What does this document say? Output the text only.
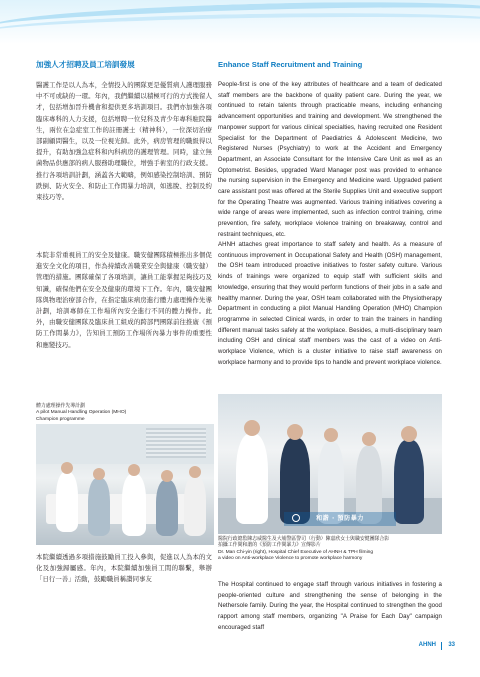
加強人才招聘及員工培訓發展

醫護工作是以人為本，全情投入的團隊更是優質病人護理服務中不可或缺的一環。年內，我們繼續以積極可行的方式挽留人才，包括增加晉升機會和提供更多培訓項目。我們亦加強各項臨床專科的人力支援，包括增聘一位兒科及青少年專科駐院醫生，兩位在急症室工作的註冊護士（精神科），一位深切治療部副顧問醫生，以及一位視光師。此外，病房管理的職級得以提升，有助加強急症科和內科病房的護理管理。同時，建立無菌物品供應部的病人服務助理職位，增強手術室的行政支援。推行各項培訓計劃，涵蓋各大範疇，例如感染控制培訓、預防跌倒、防火安全、和防止工作間暴力培訓，如逃脫、控制及約束技巧等。

本院非常重視員工的安全及健康。職安健團隊積極推出多個促進安全文化的項目，作為持續改善職業安全與健康（職安健）管理的措施。團隊確保了各項培訓，讓員工能掌握足夠技巧及知識，確保他們在安全及健康的環境下工作。年內，職安健團隊與物理治療部合作，在指定臨床病房進行體力處理操作先導計劃，培訓專師在工作場所內安全進行不同的體力操作。此外，由職安健團隊及臨床員工組成的跨部門團隊前往推廣《預防工作間暴力》，告知員工預防工作場所內暴力事件的重要性和應變技巧。

體力處理操作先導計劃
A pilot Manual Handling Operation (MHO)
Champion programme

本院繼續透過多項措施鼓勵員工投入參與，促進以人為本的文化及加強歸屬感。年內，本院繼續加強員工間的聯繫，舉辦「日行一善」活動，鼓勵職員稱讚同事友

Enhance Staff Recruitment and Training

People-first is one of the key attributes of healthcare and a team of dedicated staff members are the backbone of quality patient care. During the year, we continued to retain talents through practicable means, including enhancing advancement opportunities and training and development. We strengthened the manpower support for various clinical specialties, having recruited one Resident Specialist for the Department of Paediatrics & Adolescent Medicine, two Registered Nurses (Psychiatry) to work at the Accident and Emergency Department, an Associate Consultant for the Intensive Care Unit as well as an Optometrist. Besides, upgraded Ward Manager post was provided to enhance the nursing supervision in the Emergency and Medicine ward. Upgraded patient care assistant post was offered at the Sterile Supplies Unit and executive support for the Operating Theatre was augmented. Various training initiatives covering a wide range of areas were implemented, such as infection control training, crime prevention, fire safety, workplace violence training on breakaway, control and restraint techniques, etc.

AHNH attaches great importance to staff safety and health. As a measure of continuous improvement in Occupational Safety and Health (OSH) management, the OSH team introduced proactive initiatives to foster safety culture. Various kinds of trainings were organized to equip staff with sufficient skills and knowledge, ensuring that they would perform functions of their jobs in a safe and healthy manner. During the year, OSH team collaborated with the Physiotherapy Department in conducting a pilot Manual Handling Operation (MHO) Champion programme in selected Clinical wards, in order to train the trainers in handling different manual tasks safely at the workplace. Besides, a multi-disciplinary team including OSH and clinical staff members was the cast of a video on Anti-workplace Violence, which is a cluster initiative to raise staff awareness on workplace harmony and to provide tips to handle and prevent workplace violence.

和諧 · 預防暴力
醫院行政總監陳志威醫生及大埔警區警司（行動）陳嘉欣女士與職安健團隊合影
拍攝工作間和諧的《預防工作間暴力》宣傳影片
Dr. Man Chi-yin (right), Hospital Chief Executive of AHNH & TPH filming
a video on Anti-workplace Violence to promote workplace harmony

The Hospital continued to engage staff through various initiatives in fostering a people-oriented culture and strengthening the sense of belonging in the Nethersole family. During the year, the Hospital continued to strengthen the good rapport among staff members, organizing "A Praise for Each Day" campaign encouraged staff

AHNH 33
